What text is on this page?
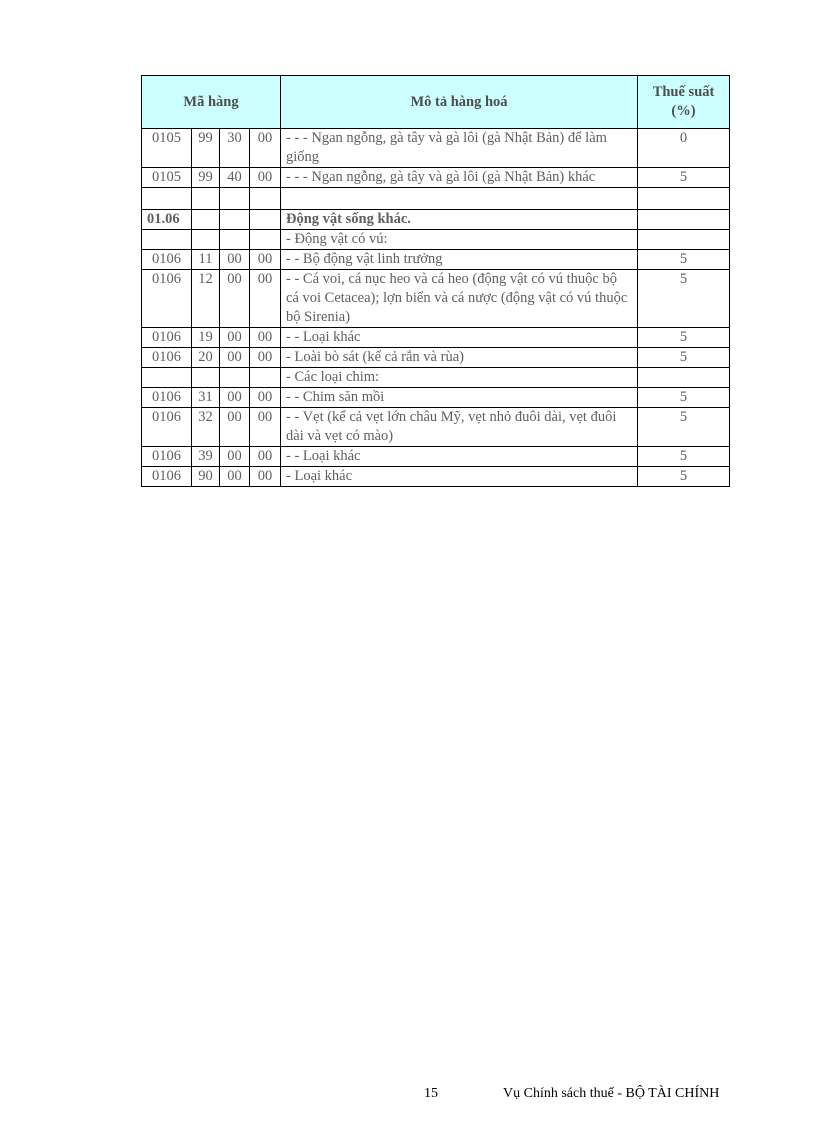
Mã hàng				Mô tả hàng hoá	Thuế suất (%)
0105	99	30	00	- - - Ngan ngỗng, gà tây và gà lôi (gà Nhật Bản) để làm giống	0
0105	99	40	00	- - - Ngan ngỗng, gà tây và gà lôi (gà Nhật Bản) khác	5

01.06				Động vật sống khác.	
				- Động vật có vú:	
0106	11	00	00	- - Bộ động vật linh trưởng	5
0106	12	00	00	- - Cá voi, cá nục heo và cá heo (động vật có vú thuộc bộ cá voi Cetacea); lợn biển và cá nược (động vật có vú thuộc bộ Sirenia)	5
0106	19	00	00	- - Loại khác	5
0106	20	00	00	- Loài bò sát (kể cả rắn và rùa)	5
				- Các loại chim:	
0106	31	00	00	- - Chim săn mồi	5
0106	32	00	00	- - Vẹt (kể cả vẹt lớn châu Mỹ, vẹt nhỏ đuôi dài, vẹt đuôi dài và vẹt có mào)	5
0106	39	00	00	- - Loại khác	5
0106	90	00	00	- Loại khác	5
15	Vụ Chính sách thuế - BỘ TÀI CHÍNH
